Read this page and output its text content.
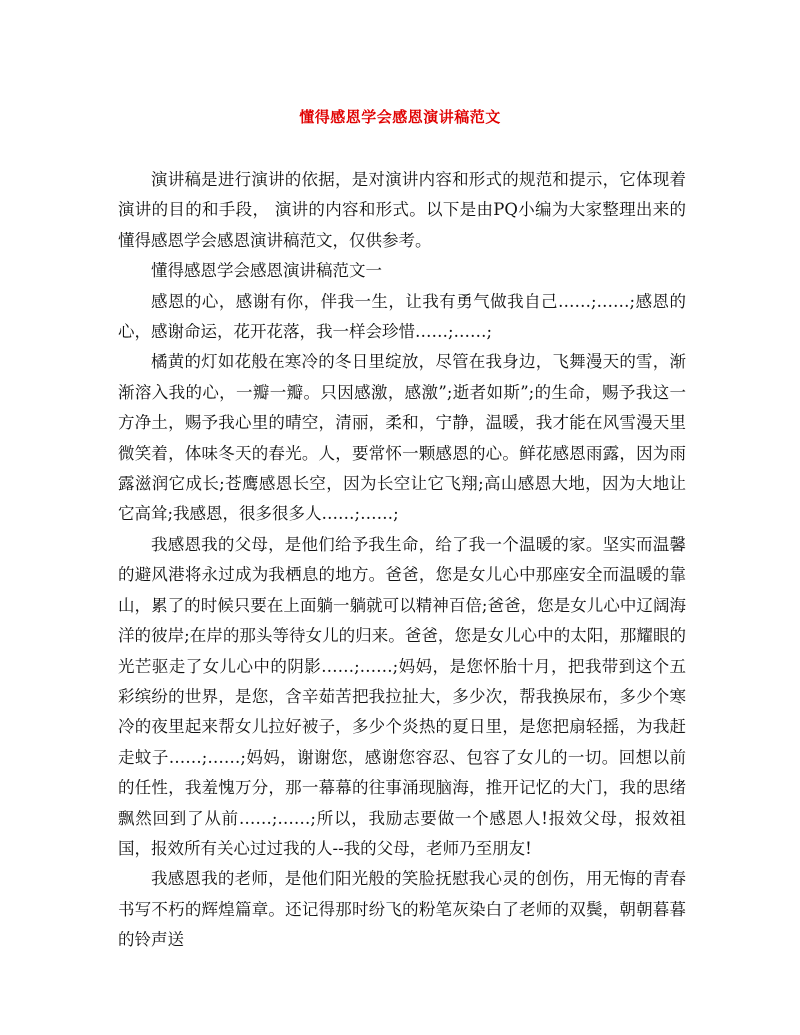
懂得感恩学会感恩演讲稿范文

演讲稿是进行演讲的依据，是对演讲内容和形式的规范和提示，它体现着演讲的目的和手段， 演讲的内容和形式。以下是由PQ小编为大家整理出来的懂得感恩学会感恩演讲稿范文，仅供参考。

懂得感恩学会感恩演讲稿范文一

感恩的心，感谢有你，伴我一生，让我有勇气做我自己……;……;感恩的心，感谢命运，花开花落，我一样会珍惜……;……;

橘黄的灯如花般在寒冷的冬日里绽放，尽管在我身边，飞舞漫天的雪，渐渐溶入我的心，一瓣一瓣。只因感激，感激”;逝者如斯”;的生命，赐予我这一方净土，赐予我心里的晴空，清丽，柔和，宁静，温暖，我才能在风雪漫天里微笑着，体味冬天的春光。人，要常怀一颗感恩的心。鲜花感恩雨露，因为雨露滋润它成长;苍鹰感恩长空，因为长空让它飞翔;高山感恩大地，因为大地让它高耸;我感恩，很多很多人……;……;

我感恩我的父母，是他们给予我生命，给了我一个温暖的家。坚实而温馨的避风港将永过成为我栖息的地方。爸爸，您是女儿心中那座安全而温暖的靠山，累了的时候只要在上面躺一躺就可以精神百倍;爸爸，您是女儿心中辽阔海洋的彼岸;在岸的那头等待女儿的归来。爸爸，您是女儿心中的太阳，那耀眼的光芒驱走了女儿心中的阴影……;……;妈妈，是您怀胎十月，把我带到这个五彩缤纷的世界，是您，含辛茹苦把我拉扯大，多少次，帮我换尿布，多少个寒冷的夜里起来帮女儿拉好被子，多少个炎热的夏日里，是您把扇轻摇，为我赶走蚊子……;……;妈妈，谢谢您，感谢您容忍、包容了女儿的一切。回想以前的任性，我羞愧万分，那一幕幕的往事涌现脑海，推开记忆的大门，我的思绪飘然回到了从前……;……;所以，我励志要做一个感恩人!报效父母，报效祖国，报效所有关心过过我的人--我的父母，老师乃至朋友!

我感恩我的老师，是他们阳光般的笑脸抚慰我心灵的创伤，用无悔的青春书写不朽的辉煌篇章。还记得那时纷飞的粉笔灰染白了老师的双鬓，朝朝暮暮的铃声送
